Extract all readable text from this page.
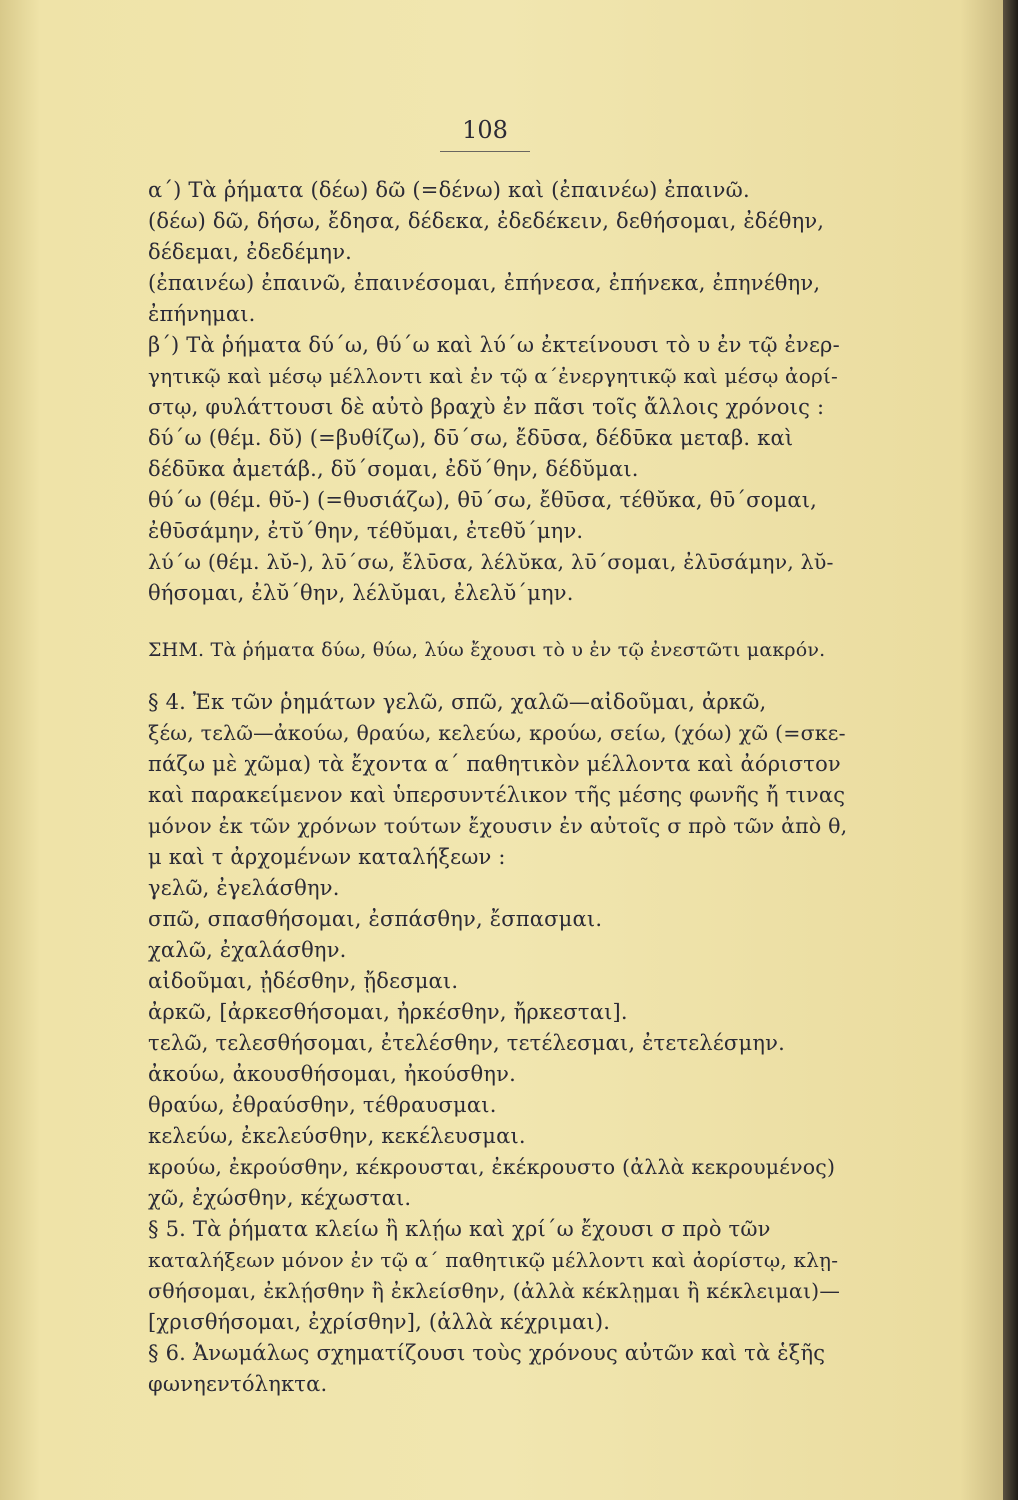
108
α΄) Τὰ ῥήματα (δέω) δῶ (=δένω) καὶ (ἐπαινέω) ἐπαινῶ.
(δέω) δῶ, δήσω, ἔδησα, δέδεκα, ἐδεδέκειν, δεθήσομαι, ἐδέθην,
δέδεμαι, ἐδεδέμην.
(ἐπαινέω) ἐπαινῶ, ἐπαινέσομαι, ἐπήνεσα, ἐπήνεκα, ἐπηνέθην,
ἐπήνημαι.
β΄) Τὰ ῥήματα δύ΄ω, θύ΄ω καὶ λύ΄ω ἐκτείνουσι τὸ υ ἐν τῷ ἐνερ-
γητικῷ καὶ μέσῳ μέλλοντι καὶ ἐν τῷ α΄ἐνεργητικῷ καὶ μέσῳ ἀορί-
στῳ, φυλάττουσι δὲ αὐτὸ βραχὺ ἐν πᾶσι τοῖς ἄλλοις χρόνοις :
δύ΄ω (θέμ. δῠ) (=βυθίζω), δῡ΄σω, ἔδῡσα, δέδῡκα μεταβ. καὶ
δέδῡκα ἀμετάβ., δῠ΄σομαι, ἐδῠ΄θην, δέδῠμαι.
θύ΄ω (θέμ. θῠ-) (=θυσιάζω), θῡ΄σω, ἔθῡσα, τέθῠκα, θῡ΄σομαι,
ἐθῡσάμην, ἐτῠ΄θην, τέθῠμαι, ἐτεθῠ΄μην.
λύ΄ω (θέμ. λῠ-), λῡ΄σω, ἔλῡσα, λέλῠκα, λῡ΄σομαι, ἐλῡσάμην, λῠ-
θήσομαι, ἐλῠ΄θην, λέλῠμαι, ἐλελῠ΄μην.
ΣΗΜ. Τὰ ῥήματα δύω, θύω, λύω ἔχουσι τὸ υ ἐν τῷ ἐνεστῶτι μακρόν.
§ 4. Ἐκ τῶν ῥημάτων γελῶ, σπῶ, χαλῶ—αἰδοῦμαι, ἀρκῶ,
ξέω, τελῶ—ἀκούω, θραύω, κελεύω, κρούω, σείω, (χόω) χῶ (=σκε-
πάζω μὲ χῶμα) τὰ ἔχοντα α΄ παθητικὸν μέλλοντα καὶ ἀόριστον
καὶ παρακείμενον καὶ ὑπερσυντέλικον τῆς μέσης φωνῆς ἤ τινας
μόνον ἐκ τῶν χρόνων τούτων ἔχουσιν ἐν αὐτοῖς σ πρὸ τῶν ἀπὸ θ,
μ καὶ τ ἀρχομένων καταλήξεων :
γελῶ, ἐγελάσθην.
σπῶ, σπασθήσομαι, ἐσπάσθην, ἔσπασμαι.
χαλῶ, ἐχαλάσθην.
αἰδοῦμαι, ᾐδέσθην, ᾔδεσμαι.
ἀρκῶ, [ἀρκεσθήσομαι, ἠρκέσθην, ἤρκεσται].
τελῶ, τελεσθήσομαι, ἐτελέσθην, τετέλεσμαι, ἐτετελέσμην.
ἀκούω, ἀκουσθήσομαι, ἠκούσθην.
θραύω, ἐθραύσθην, τέθραυσμαι.
κελεύω, ἐκελεύσθην, κεκέλευσμαι.
κρούω, ἐκρούσθην, κέκρουσται, ἐκέκρουστο (ἀλλὰ κεκρουμένος)
χῶ, ἐχώσθην, κέχωσται.
§ 5. Τὰ ῥήματα κλείω ἢ κλῄω καὶ χρί΄ω ἔχουσι σ πρὸ τῶν
καταλήξεων μόνον ἐν τῷ α΄ παθητικῷ μέλλοντι καὶ ἀορίστῳ, κλῃ-
σθήσομαι, ἐκλῄσθην ἢ ἐκλείσθην, (ἀλλὰ κέκλῃμαι ἢ κέκλειμαι)—
[χρισθήσομαι, ἐχρίσθην], (ἀλλὰ κέχριμαι).
§ 6. Ἀνωμάλως σχηματίζουσι τοὺς χρόνους αὐτῶν καὶ τὰ ἑξῆς
φωνηεντόληκτα.
